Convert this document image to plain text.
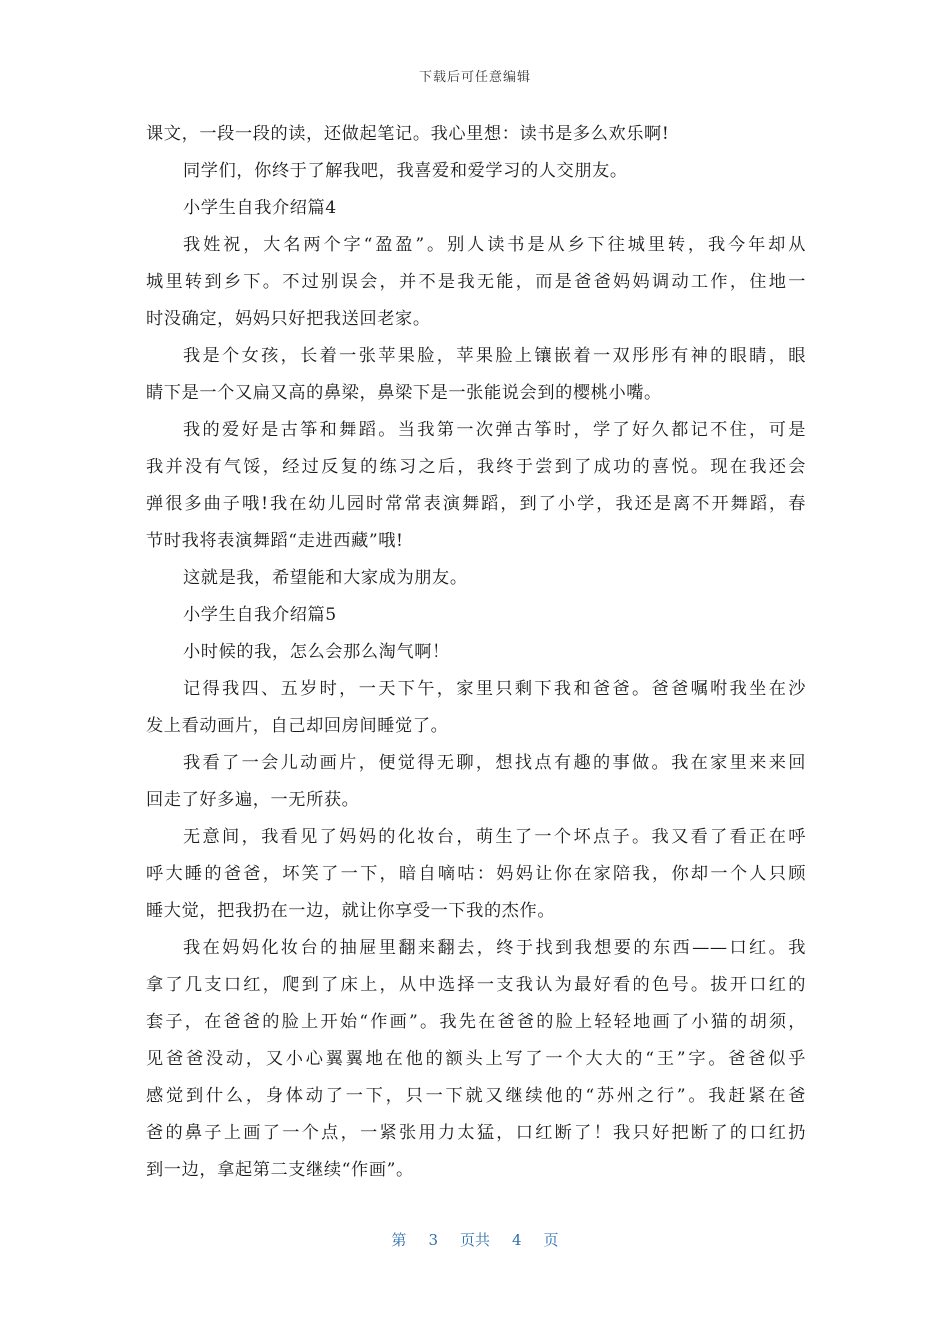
下载后可任意编辑
课文，一段一段的读，还做起笔记。我心里想：读书是多么欢乐啊!
同学们，你终于了解我吧，我喜爱和爱学习的人交朋友。
小学生自我介绍篇4
我姓祝，大名两个字“盈盈”。别人读书是从乡下往城里转，我今年却从
城里转到乡下。不过别误会，并不是我无能，而是爸爸妈妈调动工作，住地一
时没确定，妈妈只好把我送回老家。
我是个女孩，长着一张苹果脸，苹果脸上镶嵌着一双彤彤有神的眼睛，眼
睛下是一个又扁又高的鼻梁，鼻梁下是一张能说会到的樱桃小嘴。
我的爱好是古筝和舞蹈。当我第一次弹古筝时，学了好久都记不住，可是
我并没有气馁，经过反复的练习之后，我终于尝到了成功的喜悦。现在我还会
弹很多曲子哦!我在幼儿园时常常表演舞蹈，到了小学，我还是离不开舞蹈，春
节时我将表演舞蹈“走进西藏”哦!
这就是我，希望能和大家成为朋友。
小学生自我介绍篇5
小时候的我，怎么会那么淘气啊！
记得我四、五岁时，一天下午，家里只剩下我和爸爸。爸爸嘱咐我坐在沙
发上看动画片，自己却回房间睡觉了。
我看了一会儿动画片，便觉得无聊，想找点有趣的事做。我在家里来来回
回走了好多遍，一无所获。
无意间，我看见了妈妈的化妆台，萌生了一个坏点子。我又看了看正在呼
呼大睡的爸爸，坏笑了一下，暗自嘀咕：妈妈让你在家陪我，你却一个人只顾
睡大觉，把我扔在一边，就让你享受一下我的杰作。
我在妈妈化妆台的抽屉里翻来翻去，终于找到我想要的东西——口红。我
拿了几支口红，爬到了床上，从中选择一支我认为最好看的色号。拔开口红的
套子，在爸爸的脸上开始“作画”。我先在爸爸的脸上轻轻地画了小猫的胡须，
见爸爸没动，又小心翼翼地在他的额头上写了一个大大的“王”字。爸爸似乎
感觉到什么，身体动了一下，只一下就又继续他的“苏州之行”。我赶紧在爸
爸的鼻子上画了一个点，一紧张用力太猛，口红断了！我只好把断了的口红扔
到一边，拿起第二支继续“作画”。
第 3 页共 4 页
